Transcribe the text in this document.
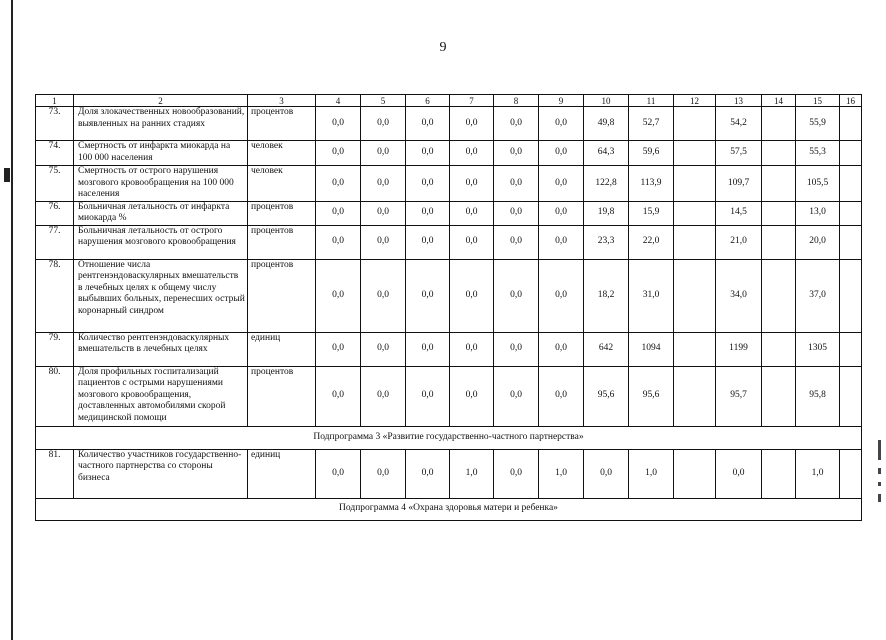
9
1	2	3	4	5	6	7	8	9	10	11	12	13	14	15	16
73.	Доля злокачественных новообразований, выявленных на ранних стадиях	процентов	0,0	0,0	0,0	0,0	0,0	0,0	49,8	52,7		54,2		55,9	
74.	Смертность от инфаркта миокарда на 100 000 населения	человек	0,0	0,0	0,0	0,0	0,0	0,0	64,3	59,6		57,5		55,3	
75.	Смертность от острого нарушения мозгового кровообращения на 100 000 населения	человек	0,0	0,0	0,0	0,0	0,0	0,0	122,8	113,9		109,7		105,5	
76.	Больничная летальность от инфаркта миокарда %	процентов	0,0	0,0	0,0	0,0	0,0	0,0	19,8	15,9		14,5		13,0	
77.	Больничная летальность от острого нарушения мозгового кровообращения	процентов	0,0	0,0	0,0	0,0	0,0	0,0	23,3	22,0		21,0		20,0	
78.	Отношение числа рентгенэндоваскулярных вмешательств в лечебных целях к общему числу выбывших больных, перенесших острый коронарный синдром	процентов	0,0	0,0	0,0	0,0	0,0	0,0	18,2	31,0		34,0		37,0	
79.	Количество рентгенэндоваскулярных вмешательств в лечебных целях	единиц	0,0	0,0	0,0	0,0	0,0	0,0	642	1094		1199		1305	
80.	Доля профильных госпитализаций пациентов с острыми нарушениями мозгового кровообращения, доставленных автомобилями скорой медицинской помощи	процентов	0,0	0,0	0,0	0,0	0,0	0,0	95,6	95,6		95,7		95,8	
Подпрограмма 3 «Развитие государственно-частного партнерства»															
81.	Количество участников государственно-частного партнерства со стороны бизнеса	единиц	0,0	0,0	0,0	1,0	0,0	1,0	0,0	1,0		0,0		1,0	
Подпрограмма 4 «Охрана здоровья матери и ребенка»															
